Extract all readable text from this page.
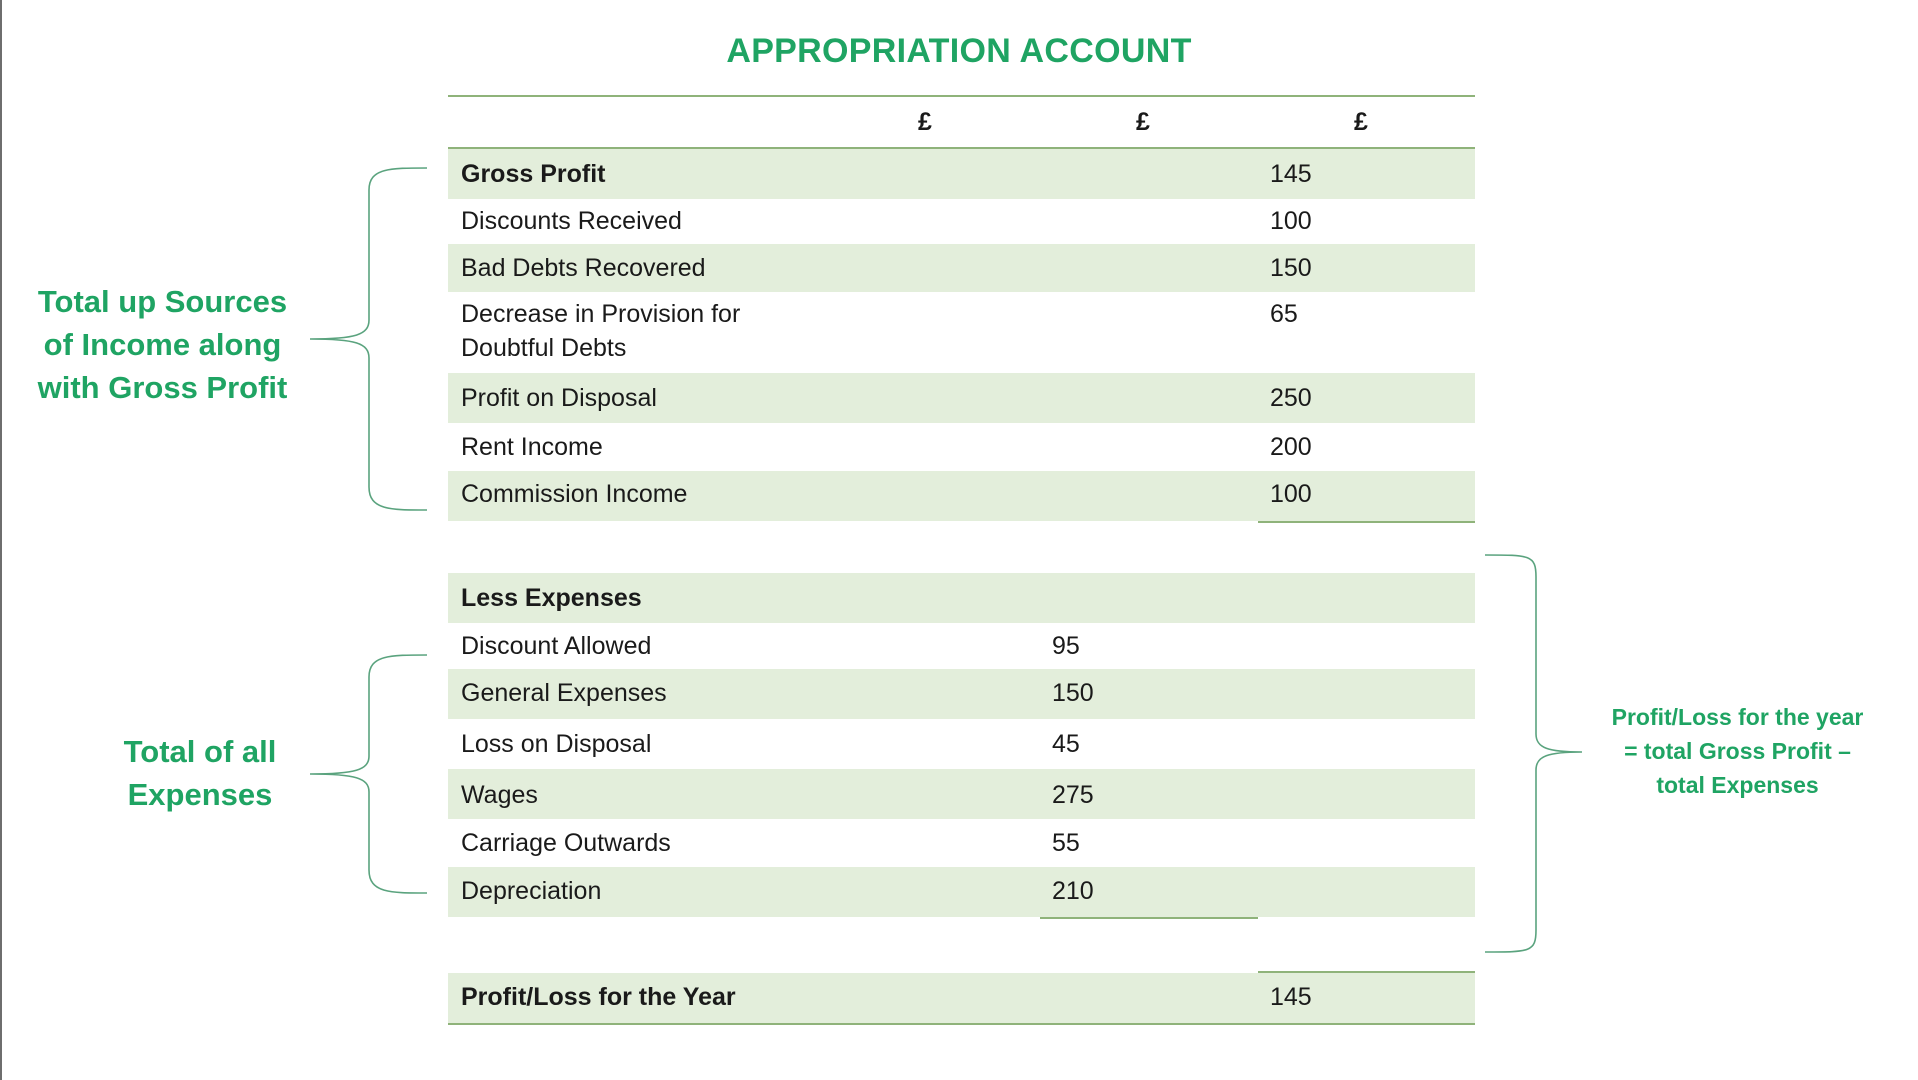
APPROPRIATION ACCOUNT
£	£	£
Gross Profit	145
Discounts Received	100
Bad Debts Recovered	150
Decrease in Provision for
Doubtful Debts
65
Profit on Disposal	250
Rent Income	200
Commission Income	100
Less Expenses
Discount Allowed	95
General Expenses	150
Loss on Disposal	45
Wages	275
Carriage Outwards	55
Depreciation	210
Profit/Loss for the Year	145
Total up Sources
of Income along
with Gross Profit
Total of all
Expenses
Profit/Loss for the year
= total Gross Profit –
total Expenses
